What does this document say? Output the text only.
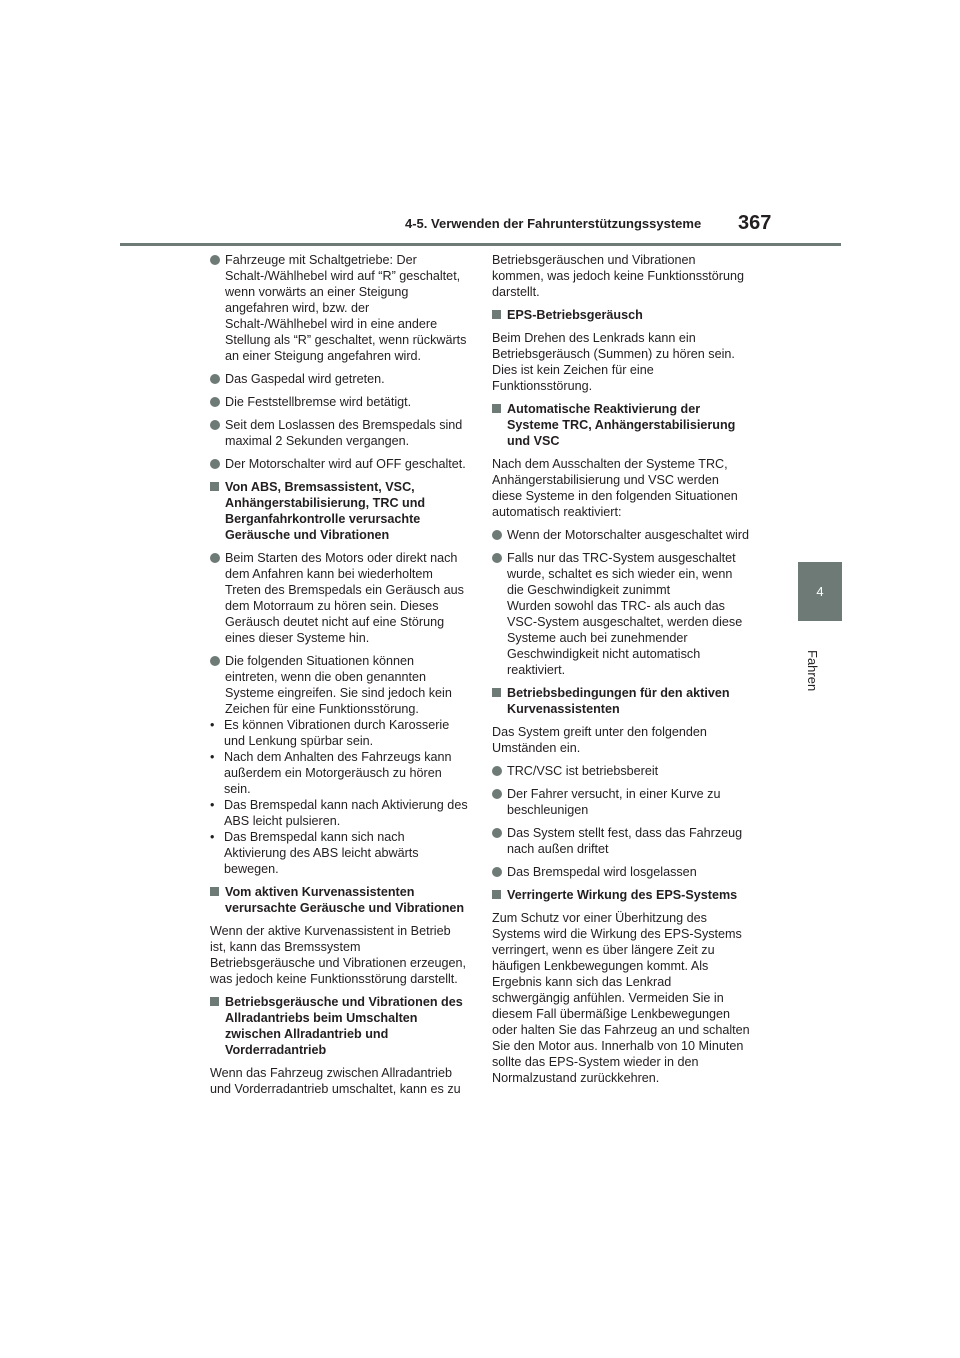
4-5. Verwenden der Fahrunterstützungssysteme 367
4
Fahren
Fahrzeuge mit Schaltgetriebe: Der Schalt-/Wählhebel wird auf “R” geschaltet, wenn vorwärts an einer Steigung angefahren wird, bzw. der Schalt-/Wählhebel wird in eine andere Stellung als “R” geschaltet, wenn rückwärts an einer Steigung angefahren wird.
Das Gaspedal wird getreten.
Die Feststellbremse wird betätigt.
Seit dem Loslassen des Bremspedals sind maximal 2 Sekunden vergangen.
Der Motorschalter wird auf OFF geschaltet.
Von ABS, Bremsassistent, VSC, Anhängerstabilisierung, TRC und Berganfahrkontrolle verursachte Geräusche und Vibrationen
Beim Starten des Motors oder direkt nach dem Anfahren kann bei wiederholtem Treten des Bremspedals ein Geräusch aus dem Motorraum zu hören sein. Dieses Geräusch deutet nicht auf eine Störung eines dieser Systeme hin.
Die folgenden Situationen können eintreten, wenn die oben genannten Systeme eingreifen. Sie sind jedoch kein Zeichen für eine Funktionsstörung.
• Es können Vibrationen durch Karosserie und Lenkung spürbar sein.
• Nach dem Anhalten des Fahrzeugs kann außerdem ein Motorgeräusch zu hören sein.
• Das Bremspedal kann nach Aktivierung des ABS leicht pulsieren.
• Das Bremspedal kann sich nach Aktivierung des ABS leicht abwärts bewegen.
Vom aktiven Kurvenassistenten verursachte Geräusche und Vibrationen

Wenn der aktive Kurvenassistent in Betrieb ist, kann das Bremssystem Betriebsgeräusche und Vibrationen erzeugen, was jedoch keine Funktionsstörung darstellt.

Betriebsgeräusche und Vibrationen des Allradantriebs beim Umschalten zwischen Allradantrieb und Vorderradantrieb

Wenn das Fahrzeug zwischen Allradantrieb und Vorderradantrieb umschaltet, kann es zu

Betriebsgeräuschen und Vibrationen kommen, was jedoch keine Funktionsstörung darstellt.

EPS-Betriebsgeräusch

Beim Drehen des Lenkrads kann ein Betriebsgeräusch (Summen) zu hören sein. Dies ist kein Zeichen für eine Funktionsstörung.

Automatische Reaktivierung der Systeme TRC, Anhängerstabilisierung und VSC

Nach dem Ausschalten der Systeme TRC, Anhängerstabilisierung und VSC werden diese Systeme in den folgenden Situationen automatisch reaktiviert:

Wenn der Motorschalter ausgeschaltet wird
Falls nur das TRC-System ausgeschaltet wurde, schaltet es sich wieder ein, wenn die Geschwindigkeit zunimmt
Wurden sowohl das TRC- als auch das VSC-System ausgeschaltet, werden diese Systeme auch bei zunehmender Geschwindigkeit nicht automatisch reaktiviert.
Betriebsbedingungen für den aktiven Kurvenassistenten

Das System greift unter den folgenden Umständen ein.

TRC/VSC ist betriebsbereit
Der Fahrer versucht, in einer Kurve zu beschleunigen
Das System stellt fest, dass das Fahrzeug nach außen driftet
Das Bremspedal wird losgelassen
Verringerte Wirkung des EPS-Systems

Zum Schutz vor einer Überhitzung des Systems wird die Wirkung des EPS-Systems verringert, wenn es über längere Zeit zu häufigen Lenkbewegungen kommt. Als Ergebnis kann sich das Lenkrad schwergängig anfühlen. Vermeiden Sie in diesem Fall übermäßige Lenkbewegungen oder halten Sie das Fahrzeug an und schalten Sie den Motor aus. Innerhalb von 10 Minuten sollte das EPS-System wieder in den Normalzustand zurückkehren.
